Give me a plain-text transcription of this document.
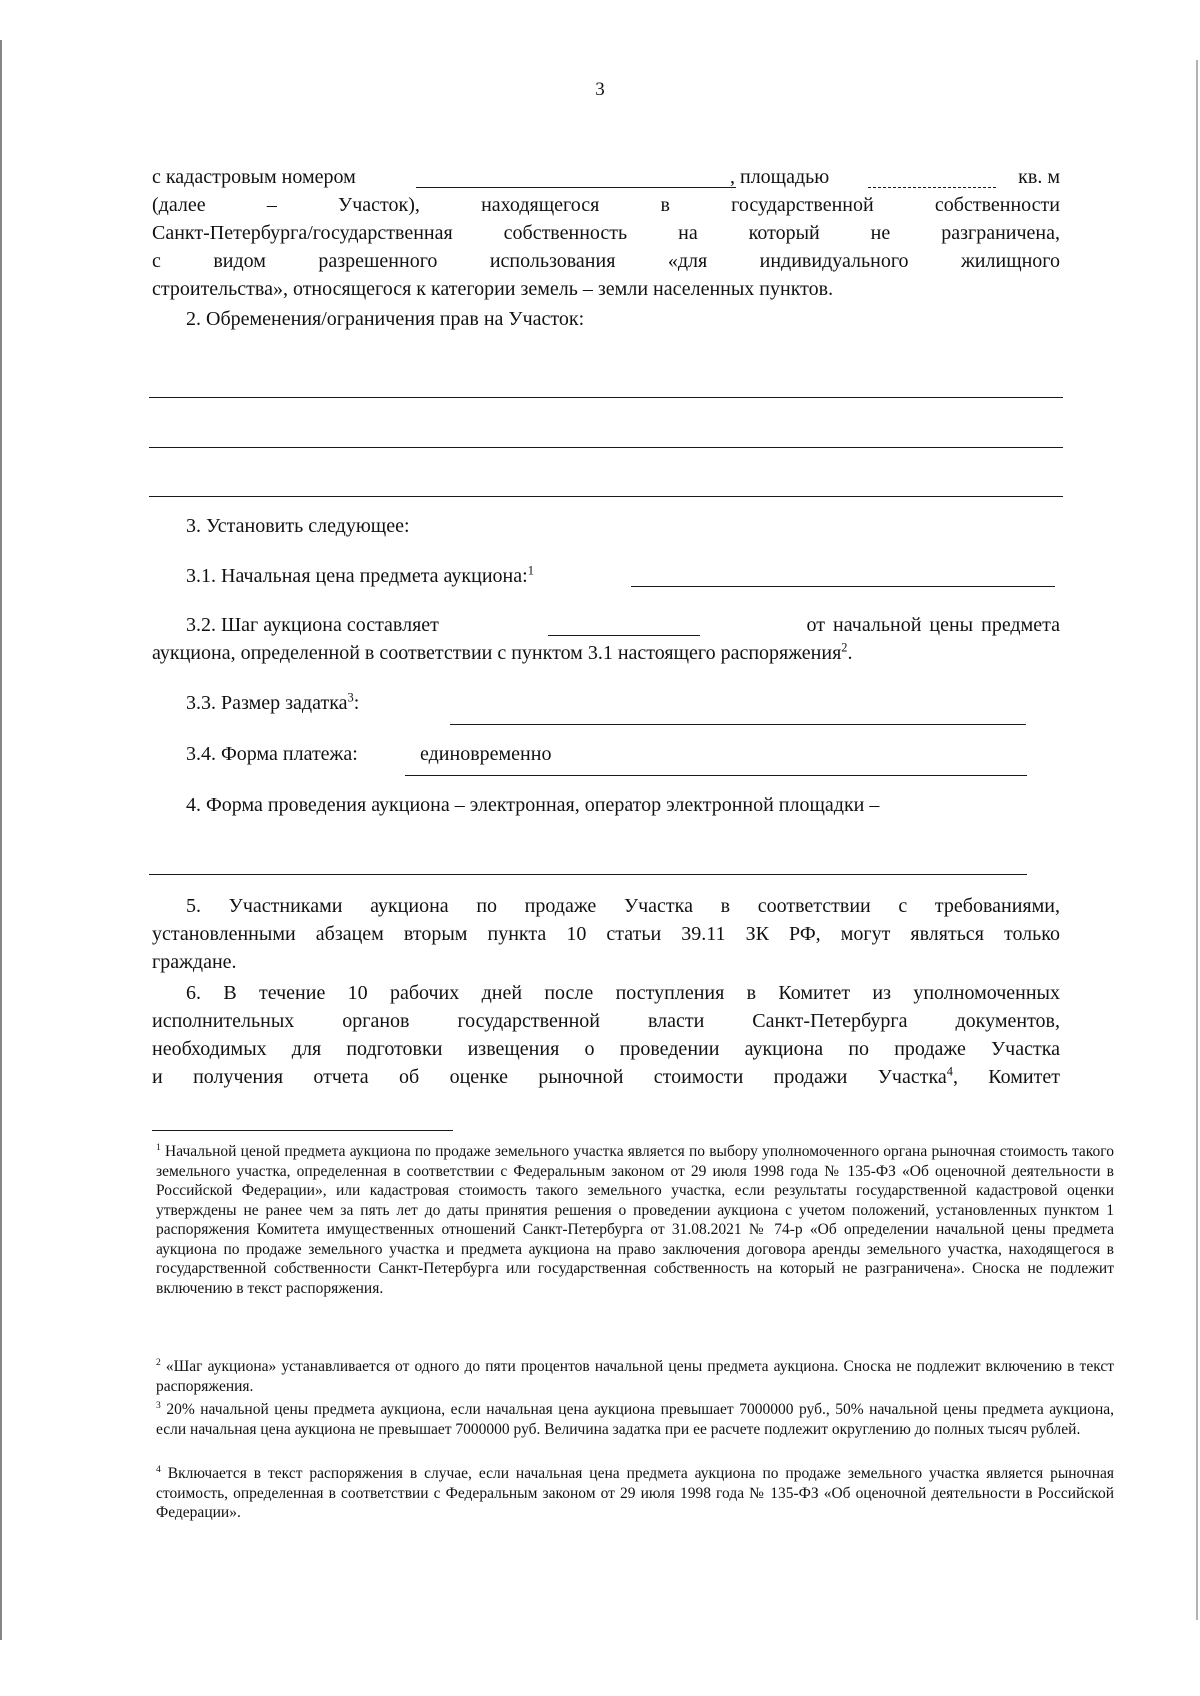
3
с кадастровым номером	, площадью	кв. м
(далее – Участок), находящегося в государственной собственности
Санкт-Петербурга/государственная собственность на который не разграничена,
с видом разрешенного использования «для индивидуального жилищного
строительства», относящегося к категории земель – земли населенных пунктов.
2. Обременения/ограничения прав на Участок:
3. Установить следующее:
3.1. Начальная цена предмета аукциона:$^1$
3.2. Шаг аукциона составляет	от начальной цены предмета
аукциона, определенной в соответствии с пунктом 3.1 настоящего распоряжения$^2$.
3.3. Размер задатка$^3$:
3.4. Форма платежа:	единовременно
4. Форма проведения аукциона – электронная, оператор электронной площадки –
5. Участниками аукциона по продаже Участка в соответствии с требованиями,
установленными абзацем вторым пункта 10 статьи 39.11 ЗК РФ, могут являться только
граждане.
6. В течение 10 рабочих дней после поступления в Комитет из уполномоченных
исполнительных органов государственной власти Санкт-Петербурга документов,
необходимых для подготовки извещения о проведении аукциона по продаже Участка
и получения отчета об оценке рыночной стоимости продажи Участка$^4$, Комитет
$^1$ Начальной ценой предмета аукциона по продаже земельного участка является по выбору уполномоченного органа рыночная стоимость такого земельного участка, определенная в соответствии с Федеральным законом от 29 июля 1998 года № 135-ФЗ «Об оценочной деятельности в Российской Федерации», или кадастровая стоимость такого земельного участка, если результаты государственной кадастровой оценки утверждены не ранее чем за пять лет до даты принятия решения о проведении аукциона с учетом положений, установленных пунктом 1 распоряжения Комитета имущественных отношений Санкт-Петербурга от 31.08.2021 № 74-р «Об определении начальной цены предмета аукциона по продаже земельного участка и предмета аукциона на право заключения договора аренды земельного участка, находящегося в государственной собственности Санкт-Петербурга или государственная собственность на который не разграничена». Сноска не подлежит включению в текст распоряжения.
$^2$ «Шаг аукциона» устанавливается от одного до пяти процентов начальной цены предмета аукциона. Сноска не подлежит включению в текст распоряжения.
$^3$ 20% начальной цены предмета аукциона, если начальная цена аукциона превышает 7000000 руб., 50% начальной цены предмета аукциона, если начальная цена аукциона не превышает 7000000 руб. Величина задатка при ее расчете подлежит округлению до полных тысяч рублей.
$^4$ Включается в текст распоряжения в случае, если начальная цена предмета аукциона по продаже земельного участка является рыночная стоимость, определенная в соответствии с Федеральным законом от 29 июля 1998 года № 135-ФЗ «Об оценочной деятельности в Российской Федерации».
